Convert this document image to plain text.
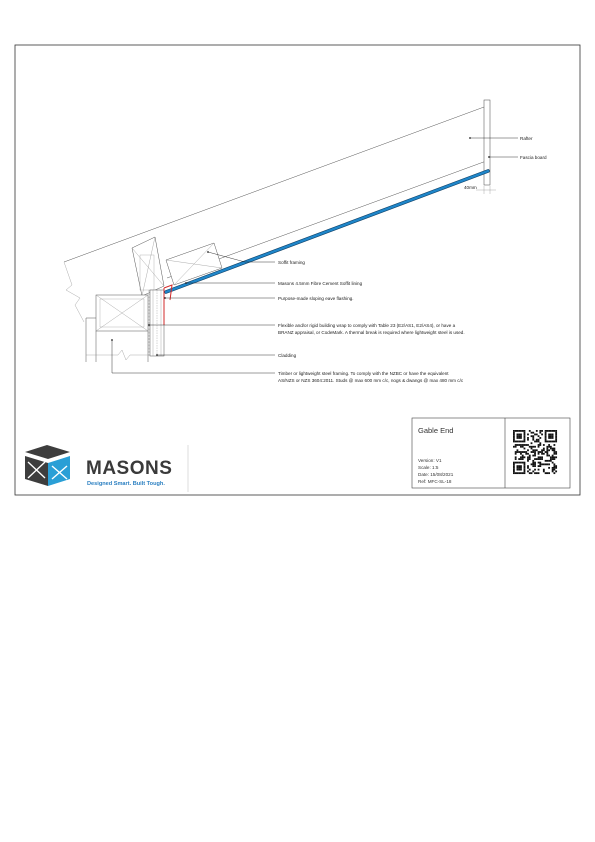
40mm
Rafter
Fascia board
Soffit framing
Masons 4.5mm Fibre Cement Soffit lining
Purpose-made sloping eave flashing.
Flexible and/or rigid building wrap to comply with Table 23 (E2/AS1, E2/AS4), or have a
BRANZ appraisal, or CodeMark. A thermal break is required where lightweight steel is used.
Cladding
Timber or lightweight steel framing. To comply with the NZBC or have the equivalent
AS/NZS or NZS 3604:2011. Studs @ max 600 mm c/c, nogs & dwangs @ max 480 mm c/c
MASONS
Designed Smart. Built Tough.
Gable End
Version: V1
Scale: 1:5
Date: 15/08/2021
Ref: MFC-SL-18
